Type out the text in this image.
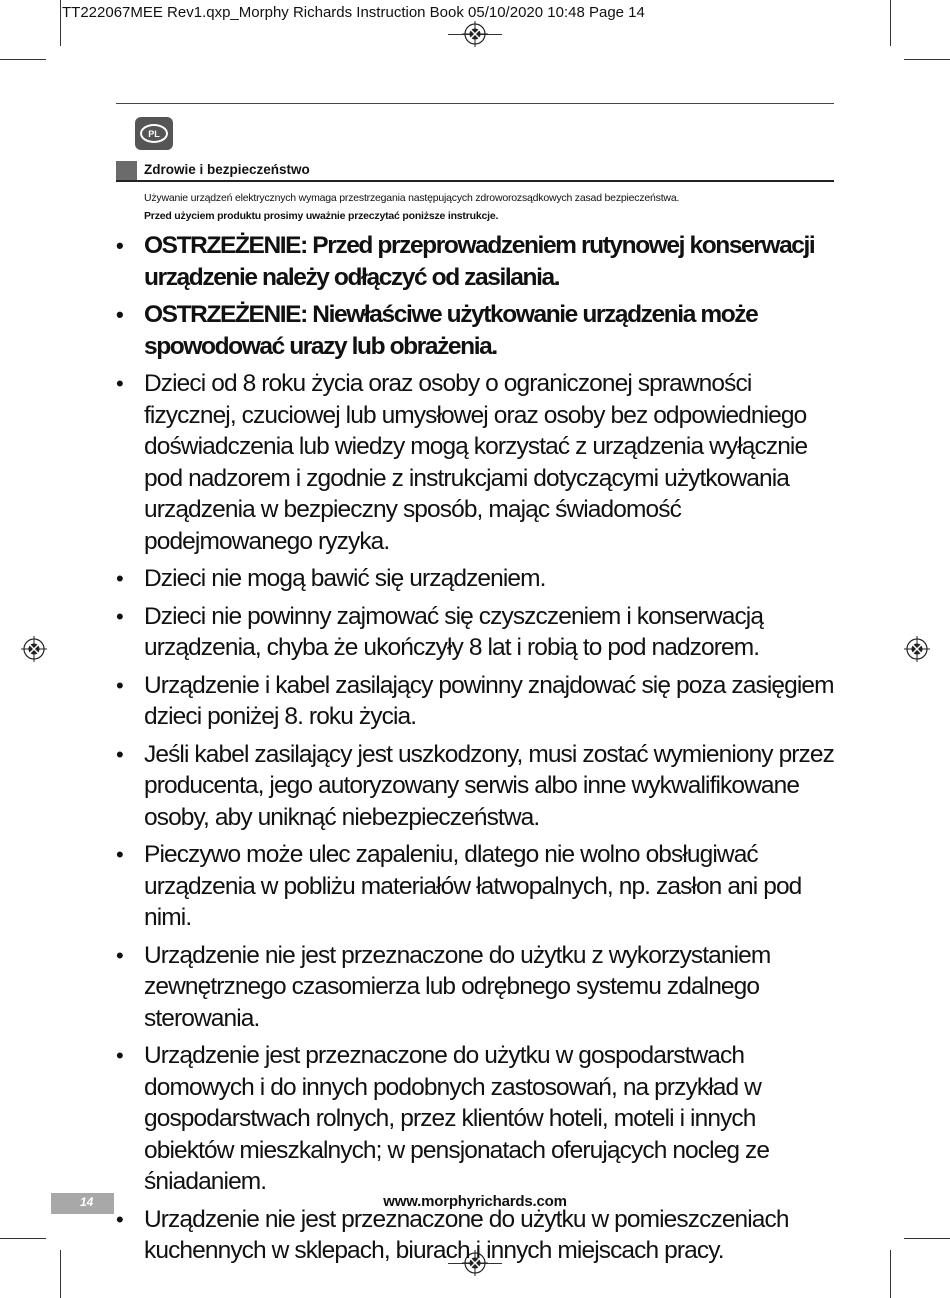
TT222067MEE Rev1.qxp_Morphy Richards Instruction Book 05/10/2020 10:48 Page 14
PL
Zdrowie i bezpieczeństwo
Używanie urządzeń elektrycznych wymaga przestrzegania następujących zdroworozsądkowych zasad bezpieczeństwa.
Przed użyciem produktu prosimy uważnie przeczytać poniższe instrukcje.
• OSTRZEŻENIE: Przed przeprowadzeniem rutynowej konserwacji urządzenie należy odłączyć od zasilania.
• OSTRZEŻENIE: Niewłaściwe użytkowanie urządzenia może spowodować urazy lub obrażenia.
• Dzieci od 8 roku życia oraz osoby o ograniczonej sprawności fizycznej, czuciowej lub umysłowej oraz osoby bez odpowiedniego doświadczenia lub wiedzy mogą korzystać z urządzenia wyłącznie pod nadzorem i zgodnie z instrukcjami dotyczącymi użytkowania urządzenia w bezpieczny sposób, mając świadomość podejmowanego ryzyka.
• Dzieci nie mogą bawić się urządzeniem.
• Dzieci nie powinny zajmować się czyszczeniem i konserwacją urządzenia, chyba że ukończyły 8 lat i robią to pod nadzorem.
• Urządzenie i kabel zasilający powinny znajdować się poza zasięgiem dzieci poniżej 8. roku życia.
• Jeśli kabel zasilający jest uszkodzony, musi zostać wymieniony przez producenta, jego autoryzowany serwis albo inne wykwalifikowane osoby, aby uniknąć niebezpieczeństwa.
• Pieczywo może ulec zapaleniu, dlatego nie wolno obsługiwać urządzenia w pobliżu materiałów łatwopalnych, np. zasłon ani pod nimi.
• Urządzenie nie jest przeznaczone do użytku z wykorzystaniem zewnętrznego czasomierza lub odrębnego systemu zdalnego sterowania.
• Urządzenie jest przeznaczone do użytku w gospodarstwach domowych i do innych podobnych zastosowań, na przykład w gospodarstwach rolnych, przez klientów hoteli, moteli i innych obiektów mieszkalnych; w pensjonatach oferujących nocleg ze śniadaniem.
• Urządzenie nie jest przeznaczone do użytku w pomieszczeniach kuchennych w sklepach, biurach i innych miejscach pracy.
14	www.morphyrichards.com
